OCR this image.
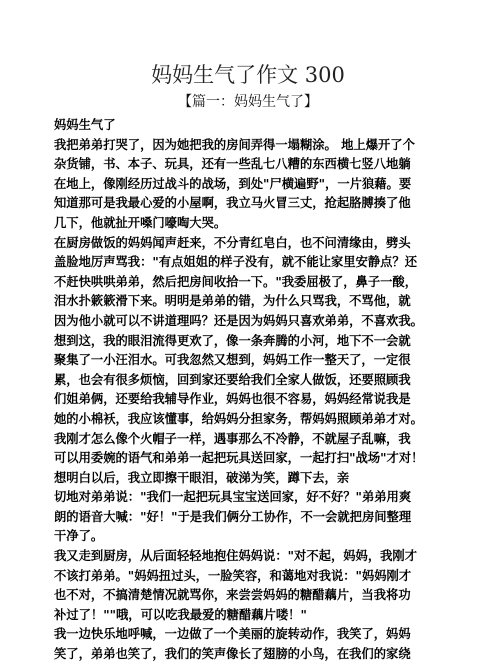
妈妈生气了作文 300
【篇一：妈妈生气了】
妈妈生气了
我把弟弟打哭了，因为她把我的房间弄得一塌糊涂。 地上爆开了个
杂货铺，书、本子、玩具，还有一些乱七八糟的东西横七竖八地躺
在地上，像刚经历过战斗的战场，到处"尸横遍野"，一片狼藉。要
知道那可是我最心爱的小屋啊，我立马火冒三丈，抢起胳膊揍了他
几下，他就扯开嗓门嚎啕大哭。
在厨房做饭的妈妈闻声赶来，不分青红皂白，也不问清缘由，劈头
盖脸地厉声骂我："有点姐姐的样子没有，就不能让家里安静点？还
不赶快哄哄弟弟，然后把房间收拾一下。"我委屈极了，鼻子一酸，
泪水扑簌簌滑下来。明明是弟弟的错，为什么只骂我，不骂他，就
因为他小就可以不讲道理吗？还是因为妈妈只喜欢弟弟，不喜欢我。
想到这，我的眼泪流得更欢了，像一条奔腾的小河，地下不一会就
聚集了一小汪泪水。可我忽然又想到，妈妈工作一整天了，一定很
累，也会有很多烦恼，回到家还要给我们全家人做饭，还要照顾我
们姐弟俩，还要给我辅导作业，妈妈也很不容易，妈妈经常说我是
她的小棉袄，我应该懂事，给妈妈分担家务，帮妈妈照顾弟弟才对。
我刚才怎么像个火帽子一样，遇事那么不冷静，不就屋子乱嘛，我
可以用委婉的语气和弟弟一起把玩具送回家，一起打扫"战场"才对！
想明白以后，我立即擦干眼泪，破涕为笑，蹲下去，亲
切地对弟弟说："我们一起把玩具宝宝送回家，好不好？"弟弟用爽
朗的语音大喊："好！"于是我们俩分工协作，不一会就把房间整理
干净了。
我又走到厨房，从后面轻轻地抱住妈妈说："对不起，妈妈，我刚才
不该打弟弟。"妈妈扭过头，一脸笑容，和蔼地对我说："妈妈刚才
也不对，不搞清楚情况就骂你，来尝尝妈妈的糖醋藕片，当我将功
补过了！""哦，可以吃我最爱的糖醋藕片喽！"
我一边快乐地呼喊，一边做了一个美丽的旋转动作，我笑了，妈妈
笑了，弟弟也笑了，我们的笑声像长了翅膀的小鸟，在我们的家绕
